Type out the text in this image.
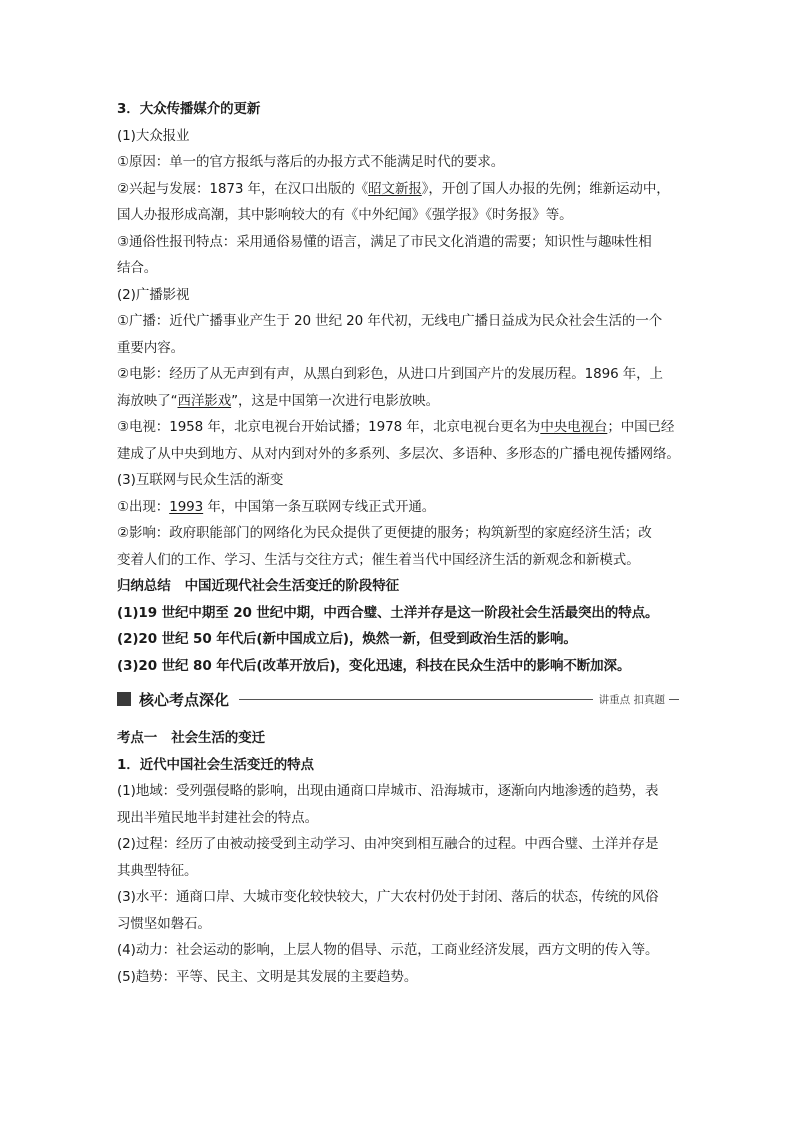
3．大众传播媒介的更新
(1)大众报业
①原因：单一的官方报纸与落后的办报方式不能满足时代的要求。
②兴起与发展：1873 年，在汉口出版的《昭文新报》，开创了国人办报的先例；维新运动中，
国人办报形成高潮，其中影响较大的有《中外纪闻》《强学报》《时务报》等。
③通俗性报刊特点：采用通俗易懂的语言，满足了市民文化消遣的需要；知识性与趣味性相
结合。
(2)广播影视
①广播：近代广播事业产生于 20 世纪 20 年代初，无线电广播日益成为民众社会生活的一个
重要内容。
②电影：经历了从无声到有声，从黑白到彩色，从进口片到国产片的发展历程。1896 年，上
海放映了“西洋影戏”，这是中国第一次进行电影放映。
③电视：1958 年，北京电视台开始试播；1978 年，北京电视台更名为中央电视台；中国已经
建成了从中央到地方、从对内到对外的多系列、多层次、多语种、多形态的广播电视传播网络。
(3)互联网与民众生活的渐变
①出现：1993 年，中国第一条互联网专线正式开通。
②影响：政府职能部门的网络化为民众提供了更便捷的服务；构筑新型的家庭经济生活；改
变着人们的工作、学习、生活与交往方式；催生着当代中国经济生活的新观念和新模式。
归纳总结 中国近现代社会生活变迁的阶段特征
(1)19 世纪中期至 20 世纪中期，中西合璧、土洋并存是这一阶段社会生活最突出的特点。
(2)20 世纪 50 年代后(新中国成立后)，焕然一新，但受到政治生活的影响。
(3)20 世纪 80 年代后(改革开放后)，变化迅速，科技在民众生活中的影响不断加深。
核心考点深化	讲重点 扣真题
考点一 社会生活的变迁
1．近代中国社会生活变迁的特点
(1)地域：受列强侵略的影响，出现由通商口岸城市、沿海城市，逐渐向内地渗透的趋势，表
现出半殖民地半封建社会的特点。
(2)过程：经历了由被动接受到主动学习、由冲突到相互融合的过程。中西合璧、土洋并存是
其典型特征。
(3)水平：通商口岸、大城市变化较快较大，广大农村仍处于封闭、落后的状态，传统的风俗
习惯坚如磐石。
(4)动力：社会运动的影响，上层人物的倡导、示范，工商业经济发展，西方文明的传入等。
(5)趋势：平等、民主、文明是其发展的主要趋势。
